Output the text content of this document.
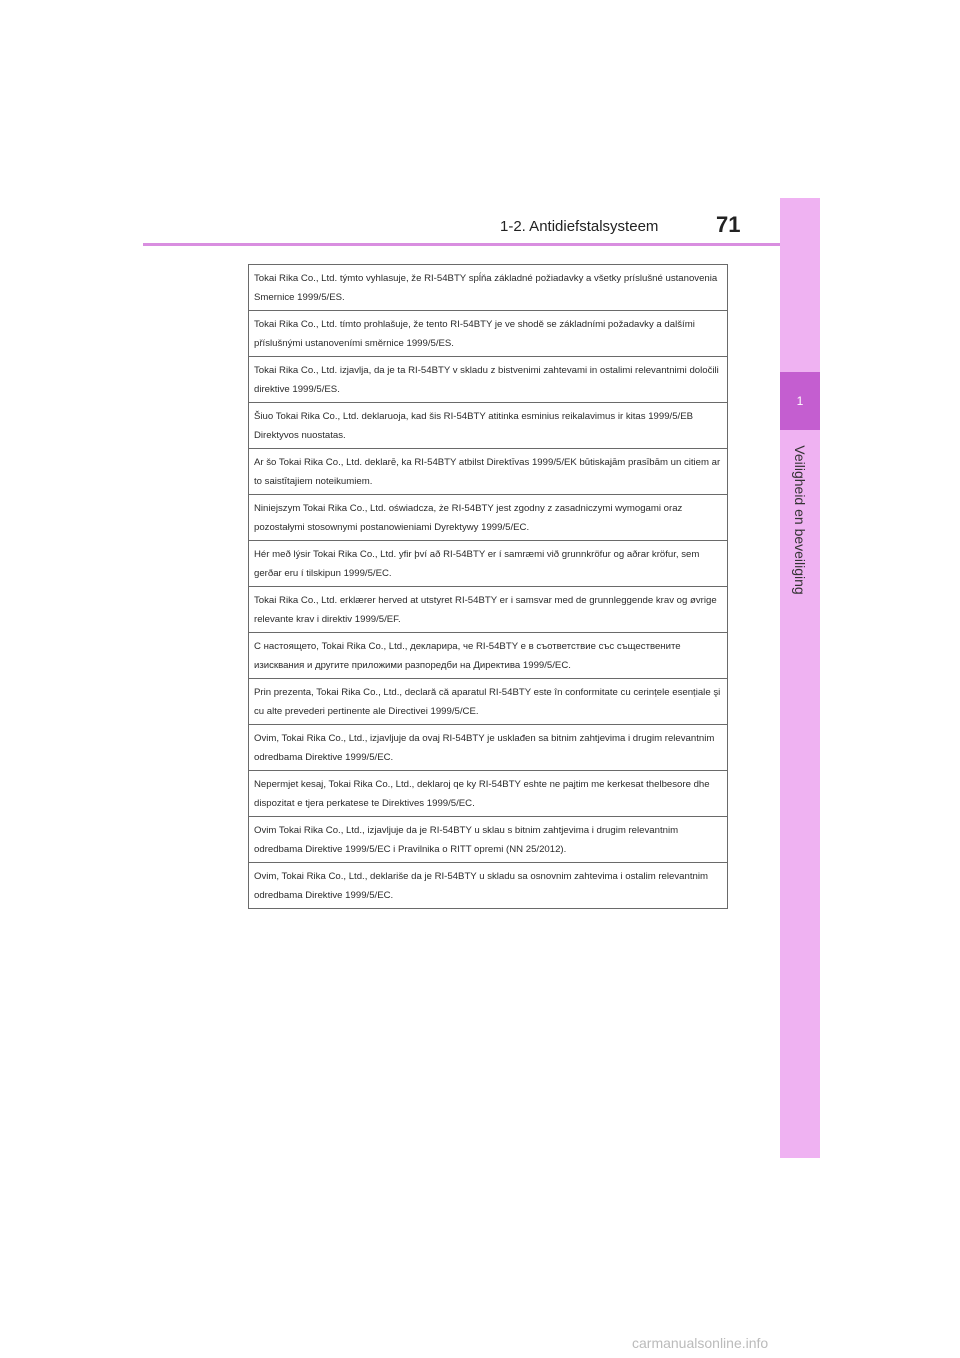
1-2. Antidiefstalsysteem	71
1
Veiligheid en beveiliging
Tokai Rika Co., Ltd. týmto vyhlasuje, že RI-54BTY spĺňa základné požiadavky a všetky príslušné ustanovenia Smernice 1999/5/ES.
Tokai Rika Co., Ltd. tímto prohlašuje, že tento RI-54BTY je ve shodě se základními požadavky a dalšími příslušnými ustanoveními směrnice 1999/5/ES.
Tokai Rika Co., Ltd. izjavlja, da je ta RI-54BTY v skladu z bistvenimi zahtevami in ostalimi relevantnimi določili direktive 1999/5/ES.
Šiuo Tokai Rika Co., Ltd. deklaruoja, kad šis RI-54BTY atitinka esminius reikalavimus ir kitas 1999/5/EB Direktyvos nuostatas.
Ar šo Tokai Rika Co., Ltd. deklarē, ka RI-54BTY atbilst Direktīvas 1999/5/EK būtiskajām prasībām un citiem ar to saistītajiem noteikumiem.
Niniejszym Tokai Rika Co., Ltd. oświadcza, że RI-54BTY jest zgodny z zasadniczymi wymogami oraz pozostałymi stosownymi postanowieniami Dyrektywy 1999/5/EC.
Hér með lýsir Tokai Rika Co., Ltd. yfir því að RI-54BTY er í samræmi við grunnkröfur og aðrar kröfur, sem gerðar eru í tilskipun 1999/5/EC.
Tokai Rika Co., Ltd. erklærer herved at utstyret RI-54BTY er i samsvar med de grunnleggende krav og øvrige relevante krav i direktiv 1999/5/EF.
С настоящето, Tokai Rika Co., Ltd., декларира, че RI-54BTY е в съответствие със съществените изисквания и другите приложими разпоредби на Директива 1999/5/EC.
Prin prezenta, Tokai Rika Co., Ltd., declară că aparatul RI-54BTY este în conformitate cu cerințele esențiale şi cu alte prevederi pertinente ale Directivei 1999/5/CE.
Ovim, Tokai Rika Co., Ltd., izjavljuje da ovaj RI-54BTY je usklađen sa bitnim zahtjevima i drugim relevantnim odredbama Direktive 1999/5/EC.
Nepermjet kesaj, Tokai Rika Co., Ltd., deklaroj qe ky RI-54BTY eshte ne pajtim me kerkesat thelbesore dhe dispozitat e tjera perkatese te Direktives 1999/5/EC.
Ovim Tokai Rika Co., Ltd., izjavljuje da je RI-54BTY u sklau s bitnim zahtjevima i drugim relevantnim odredbama Direktive 1999/5/EC i Pravilnika o RITT opremi (NN 25/2012).
Ovim, Tokai Rika Co., Ltd., deklariše da je RI-54BTY u skladu sa osnovnim zahtevima i ostalim relevantnim odredbama Direktive 1999/5/EC.
carmanualsonline.info
